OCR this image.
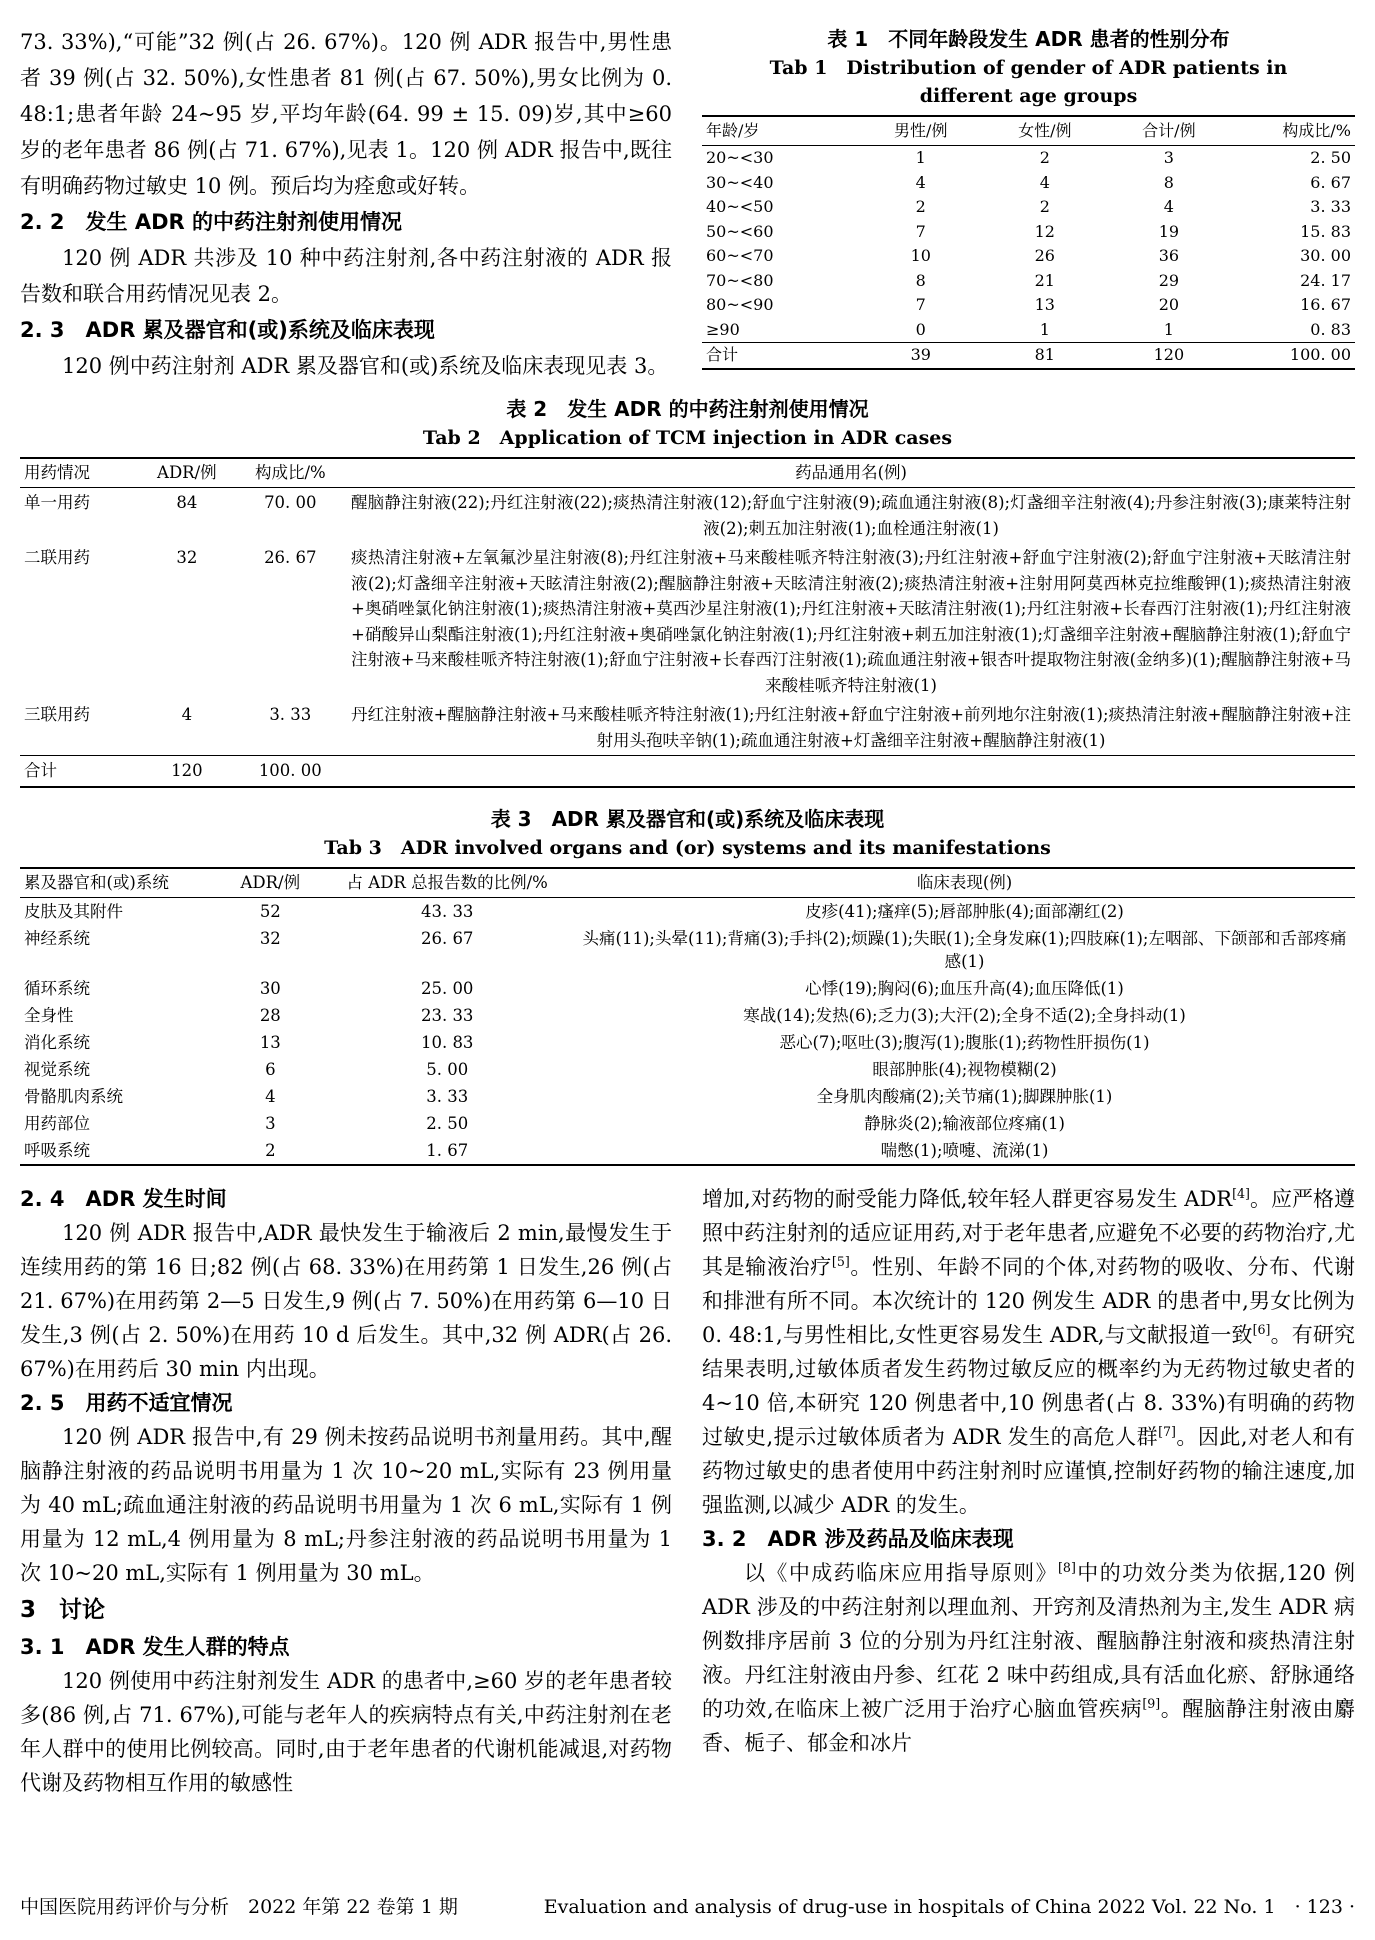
73. 33%),“可能”32 例(占 26. 67%)。120 例 ADR 报告中,男性患者 39 例(占 32. 50%),女性患者 81 例(占 67. 50%),男女比例为 0. 48:1;患者年龄 24~95 岁,平均年龄(64. 99 ± 15. 09)岁,其中≥60 岁的老年患者 86 例(占 71. 67%),见表 1。120 例 ADR 报告中,既往有明确药物过敏史 10 例。预后均为痊愈或好转。

2. 2　发生 ADR 的中药注射剂使用情况

120 例 ADR 共涉及 10 种中药注射剂,各中药注射液的 ADR 报告数和联合用药情况见表 2。

2. 3　ADR 累及器官和(或)系统及临床表现

120 例中药注射剂 ADR 累及器官和(或)系统及临床表现见表 3。

表 1　不同年龄段发生 ADR 患者的性别分布
Tab 1　Distribution of gender of ADR patients in
different age groups
年龄/岁	男性/例	女性/例	合计/例	构成比/%
20~<30	1	2	3	2. 50
30~<40	4	4	8	6. 67
40~<50	2	2	4	3. 33
50~<60	7	12	19	15. 83
60~<70	10	26	36	30. 00
70~<80	8	21	29	24. 17
80~<90	7	13	20	16. 67
≥90	0	1	1	0. 83
合计	39	81	120	100. 00
表 2　发生 ADR 的中药注射剂使用情况
Tab 2　Application of TCM injection in ADR cases
用药情况	ADR/例	构成比/%	药品通用名(例)
单一用药	84	70. 00	醒脑静注射液(22);丹红注射液(22);痰热清注射液(12);舒血宁注射液(9);疏血通注射液(8);灯盏细辛注射液(4);丹参注射液(3);康莱特注射液(2);刺五加注射液(1);血栓通注射液(1)
二联用药	32	26. 67	痰热清注射液+左氧氟沙星注射液(8);丹红注射液+马来酸桂哌齐特注射液(3);丹红注射液+舒血宁注射液(2);舒血宁注射液+天眩清注射液(2);灯盏细辛注射液+天眩清注射液(2);醒脑静注射液+天眩清注射液(2);痰热清注射液+注射用阿莫西林克拉维酸钾(1);痰热清注射液+奥硝唑氯化钠注射液(1);痰热清注射液+莫西沙星注射液(1);丹红注射液+天眩清注射液(1);丹红注射液+长春西汀注射液(1);丹红注射液+硝酸异山梨酯注射液(1);丹红注射液+奥硝唑氯化钠注射液(1);丹红注射液+刺五加注射液(1);灯盏细辛注射液+醒脑静注射液(1);舒血宁注射液+马来酸桂哌齐特注射液(1);舒血宁注射液+长春西汀注射液(1);疏血通注射液+银杏叶提取物注射液(金纳多)(1);醒脑静注射液+马来酸桂哌齐特注射液(1)
三联用药	4	3. 33	丹红注射液+醒脑静注射液+马来酸桂哌齐特注射液(1);丹红注射液+舒血宁注射液+前列地尔注射液(1);痰热清注射液+醒脑静注射液+注射用头孢呋辛钠(1);疏血通注射液+灯盏细辛注射液+醒脑静注射液(1)
合计	120	100. 00	
表 3　ADR 累及器官和(或)系统及临床表现
Tab 3　ADR involved organs and (or) systems and its manifestations
累及器官和(或)系统	ADR/例	占 ADR 总报告数的比例/%	临床表现(例)
皮肤及其附件	52	43. 33	皮疹(41);瘙痒(5);唇部肿胀(4);面部潮红(2)
神经系统	32	26. 67	头痛(11);头晕(11);背痛(3);手抖(2);烦躁(1);失眠(1);全身发麻(1);四肢麻(1);左咽部、下颌部和舌部疼痛感(1)
循环系统	30	25. 00	心悸(19);胸闷(6);血压升高(4);血压降低(1)
全身性	28	23. 33	寒战(14);发热(6);乏力(3);大汗(2);全身不适(2);全身抖动(1)
消化系统	13	10. 83	恶心(7);呕吐(3);腹泻(1);腹胀(1);药物性肝损伤(1)
视觉系统	6	5. 00	眼部肿胀(4);视物模糊(2)
骨骼肌肉系统	4	3. 33	全身肌肉酸痛(2);关节痛(1);脚踝肿胀(1)
用药部位	3	2. 50	静脉炎(2);输液部位疼痛(1)
呼吸系统	2	1. 67	喘憋(1);喷嚏、流涕(1)
2. 4　ADR 发生时间

120 例 ADR 报告中,ADR 最快发生于输液后 2 min,最慢发生于连续用药的第 16 日;82 例(占 68. 33%)在用药第 1 日发生,26 例(占 21. 67%)在用药第 2—5 日发生,9 例(占 7. 50%)在用药第 6—10 日发生,3 例(占 2. 50%)在用药 10 d 后发生。其中,32 例 ADR(占 26. 67%)在用药后 30 min 内出现。

2. 5　用药不适宜情况

120 例 ADR 报告中,有 29 例未按药品说明书剂量用药。其中,醒脑静注射液的药品说明书用量为 1 次 10~20 mL,实际有 23 例用量为 40 mL;疏血通注射液的药品说明书用量为 1 次 6 mL,实际有 1 例用量为 12 mL,4 例用量为 8 mL;丹参注射液的药品说明书用量为 1 次 10~20 mL,实际有 1 例用量为 30 mL。

3　讨论
3. 1　ADR 发生人群的特点

120 例使用中药注射剂发生 ADR 的患者中,≥60 岁的老年患者较多(86 例,占 71. 67%),可能与老年人的疾病特点有关,中药注射剂在老年人群中的使用比例较高。同时,由于老年患者的代谢机能减退,对药物代谢及药物相互作用的敏感性

增加,对药物的耐受能力降低,较年轻人群更容易发生 ADR[4]。应严格遵照中药注射剂的适应证用药,对于老年患者,应避免不必要的药物治疗,尤其是输液治疗[5]。性别、年龄不同的个体,对药物的吸收、分布、代谢和排泄有所不同。本次统计的 120 例发生 ADR 的患者中,男女比例为 0. 48:1,与男性相比,女性更容易发生 ADR,与文献报道一致[6]。有研究结果表明,过敏体质者发生药物过敏反应的概率约为无药物过敏史者的 4~10 倍,本研究 120 例患者中,10 例患者(占 8. 33%)有明确的药物过敏史,提示过敏体质者为 ADR 发生的高危人群[7]。因此,对老人和有药物过敏史的患者使用中药注射剂时应谨慎,控制好药物的输注速度,加强监测,以减少 ADR 的发生。

3. 2　ADR 涉及药品及临床表现

以《中成药临床应用指导原则》[8]中的功效分类为依据,120 例 ADR 涉及的中药注射剂以理血剂、开窍剂及清热剂为主,发生 ADR 病例数排序居前 3 位的分别为丹红注射液、醒脑静注射液和痰热清注射液。丹红注射液由丹参、红花 2 味中药组成,具有活血化瘀、舒脉通络的功效,在临床上被广泛用于治疗心脑血管疾病[9]。醒脑静注射液由麝香、栀子、郁金和冰片

中国医院用药评价与分析　2022 年第 22 卷第 1 期	Evaluation and analysis of drug-use in hospitals of China 2022 Vol. 22 No. 1　· 123 ·
